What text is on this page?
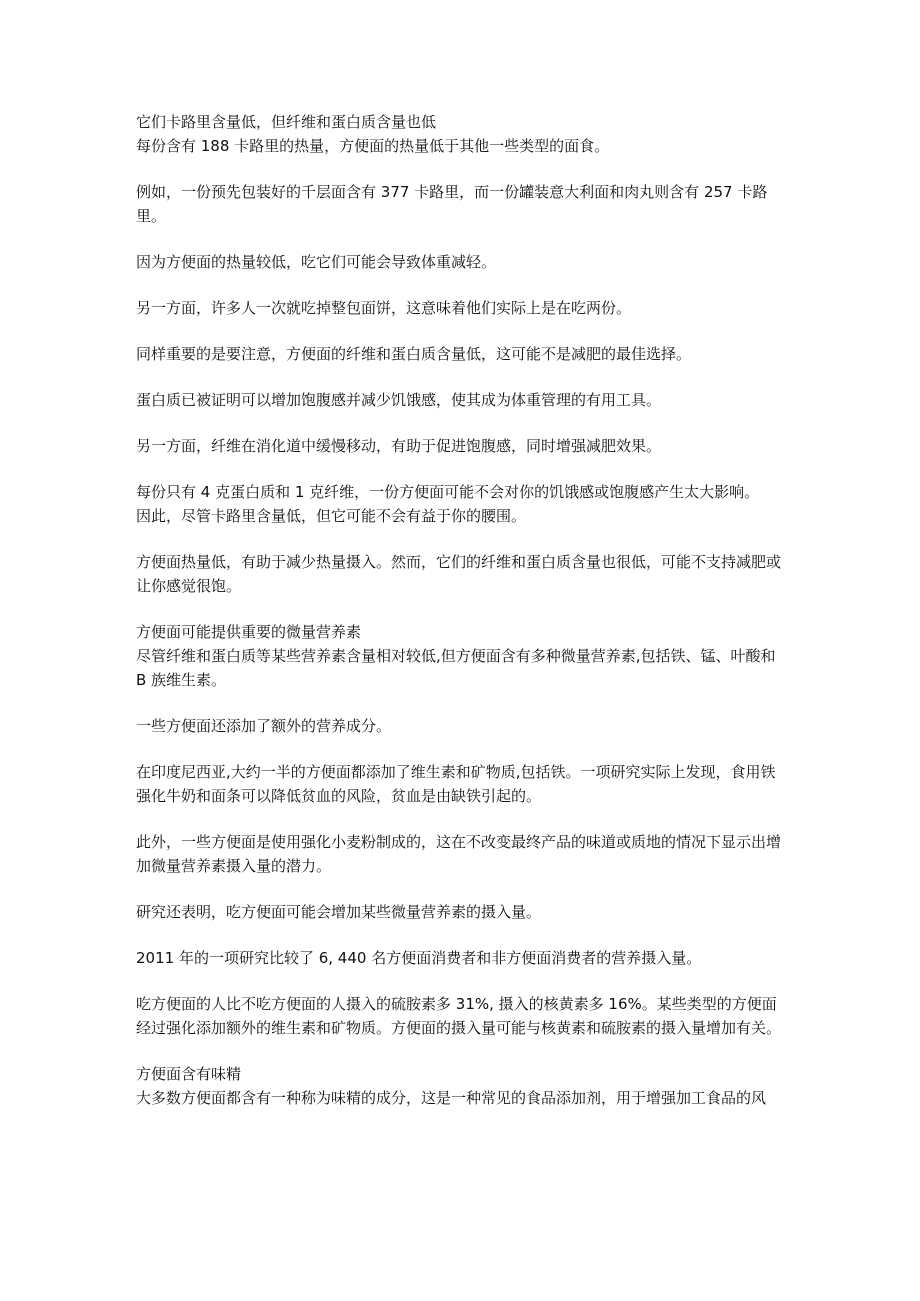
它们卡路里含量低，但纤维和蛋白质含量也低

每份含有 188 卡路里的热量，方便面的热量低于其他一些类型的面食。

例如，一份预先包装好的千层面含有 377 卡路里，而一份罐装意大利面和肉丸则含有 257 卡路里。

因为方便面的热量较低，吃它们可能会导致体重减轻。

另一方面，许多人一次就吃掉整包面饼，这意味着他们实际上是在吃两份。

同样重要的是要注意，方便面的纤维和蛋白质含量低，这可能不是减肥的最佳选择。

蛋白质已被证明可以增加饱腹感并减少饥饿感，使其成为体重管理的有用工具。

另一方面，纤维在消化道中缓慢移动，有助于促进饱腹感，同时增强减肥效果。

每份只有 4 克蛋白质和 1 克纤维，一份方便面可能不会对你的饥饿感或饱腹感产生太大影响。

因此，尽管卡路里含量低，但它可能不会有益于你的腰围。

方便面热量低，有助于减少热量摄入。然而，它们的纤维和蛋白质含量也很低，可能不支持减肥或让你感觉很饱。

方便面可能提供重要的微量营养素

尽管纤维和蛋白质等某些营养素含量相对较低,但方便面含有多种微量营养素,包括铁、锰、叶酸和 B 族维生素。

一些方便面还添加了额外的营养成分。

在印度尼西亚,大约一半的方便面都添加了维生素和矿物质,包括铁。一项研究实际上发现，食用铁强化牛奶和面条可以降低贫血的风险，贫血是由缺铁引起的。

此外，一些方便面是使用强化小麦粉制成的，这在不改变最终产品的味道或质地的情况下显示出增加微量营养素摄入量的潜力。

研究还表明，吃方便面可能会增加某些微量营养素的摄入量。

2011 年的一项研究比较了 6, 440 名方便面消费者和非方便面消费者的营养摄入量。

吃方便面的人比不吃方便面的人摄入的硫胺素多 31%, 摄入的核黄素多 16%。某些类型的方便面经过强化添加额外的维生素和矿物质。方便面的摄入量可能与核黄素和硫胺素的摄入量增加有关。

方便面含有味精

大多数方便面都含有一种称为味精的成分，这是一种常见的食品添加剂，用于增强加工食品的风
